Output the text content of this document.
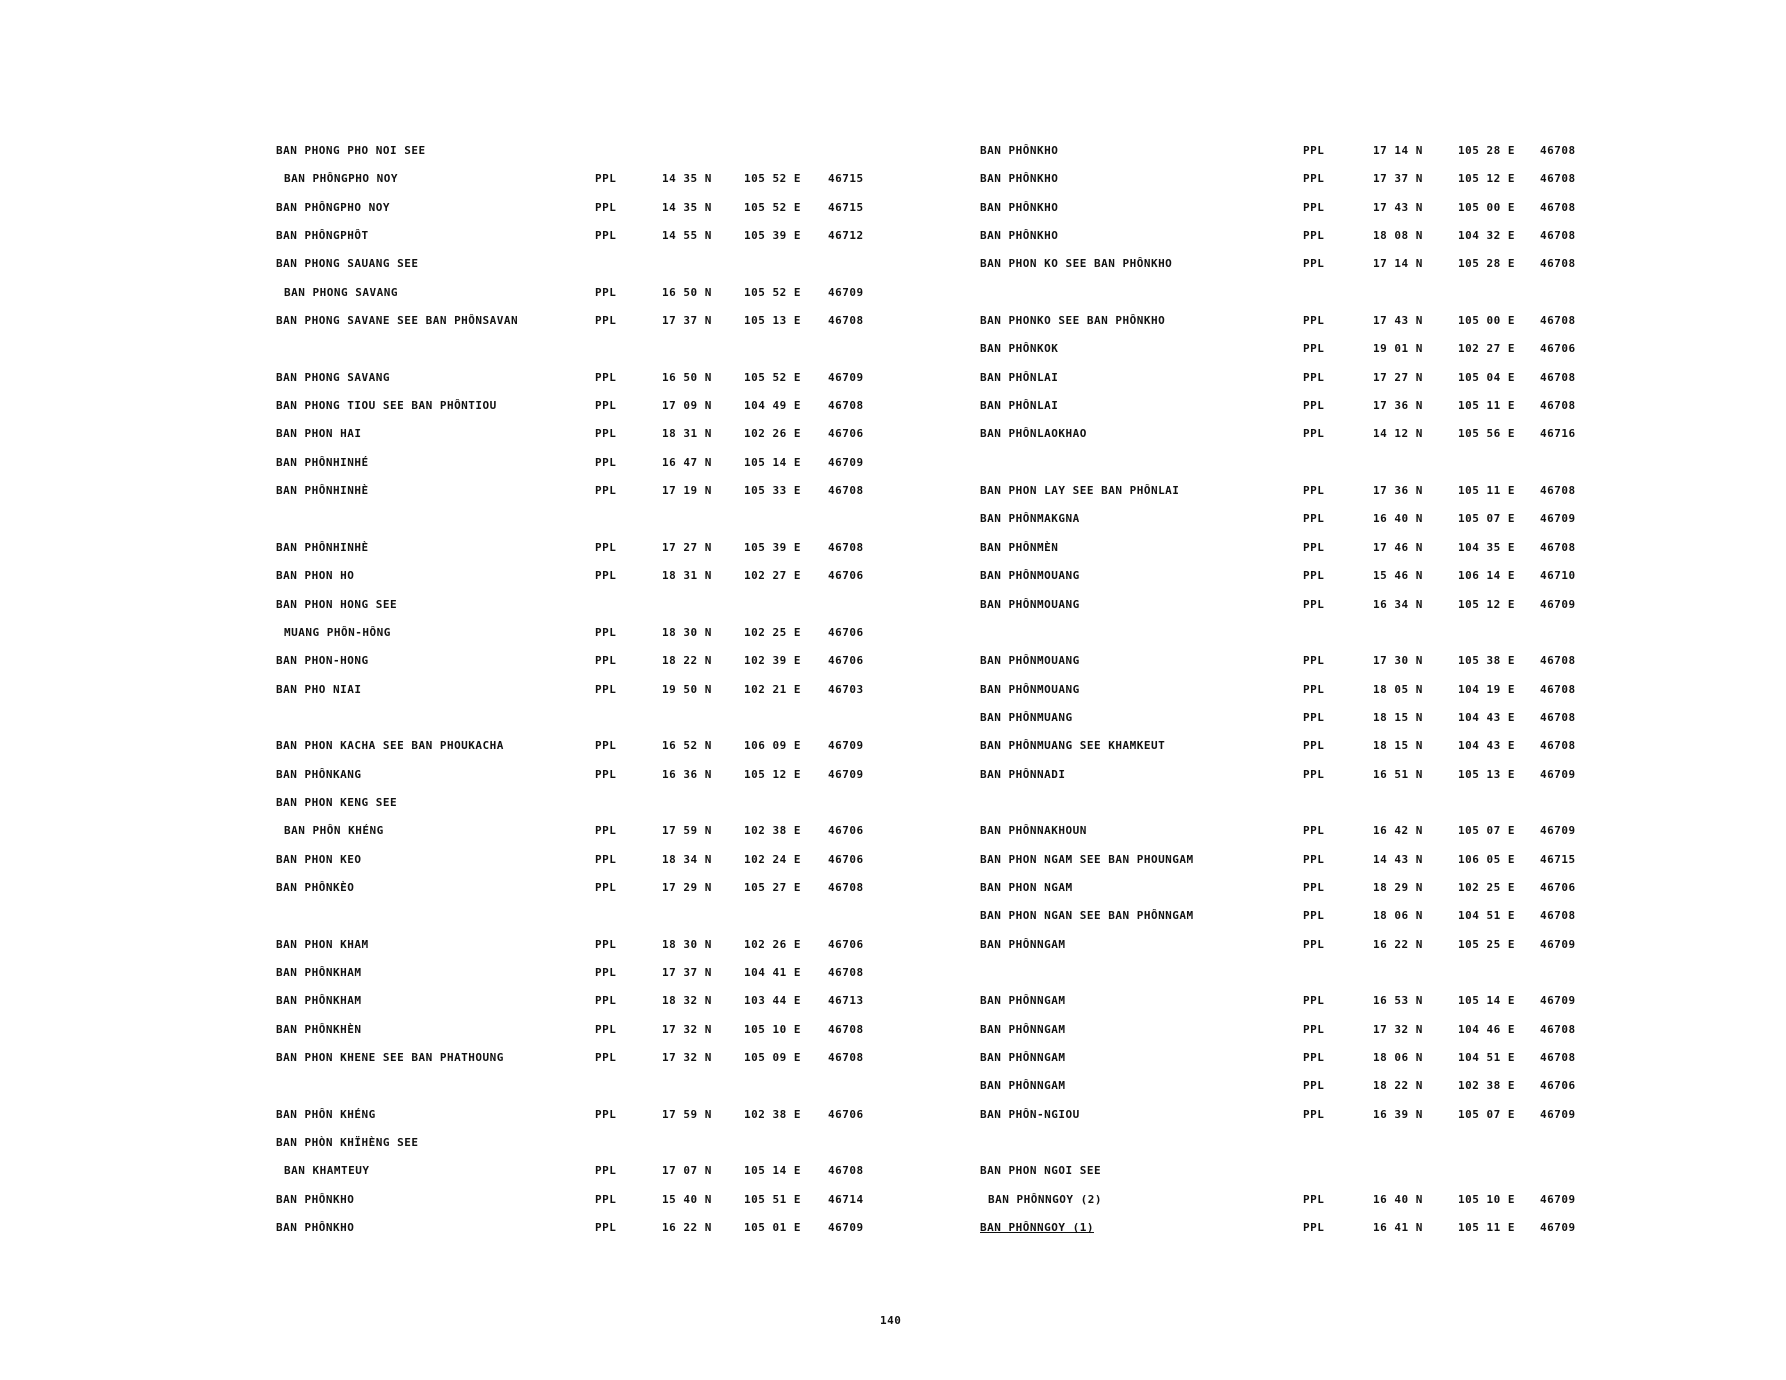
BAN PHONG PHO NOI SEE
BAN PHÔNGPHO NOY	PPL	14 35 N	105 52 E 46715
BAN PHÔNGPHO NOY	PPL	14 35 N	105 52 E 46715
BAN PHÔNGPHÔT	PPL	14 55 N	105 39 E 46712
BAN PHONG SAUANG SEE
BAN PHONG SAVANG	PPL	16 50 N	105 52 E 46709
BAN PHONG SAVANE SEE BAN PHÔNSAVAN	PPL	17 37 N	105 13 E 46708
BAN PHONG SAVANG	PPL	16 50 N	105 52 E 46709
BAN PHONG TIOU SEE BAN PHÔNTIOU	PPL	17 09 N	104 49 E 46708
BAN PHON HAI	PPL	18 31 N	102 26 E 46706
BAN PHÔNHINHÉ	PPL	16 47 N	105 14 E 46709
BAN PHÔNHINHÈ	PPL	17 19 N	105 33 E 46708
BAN PHÔNHINHÈ	PPL	17 27 N	105 39 E 46708
BAN PHON HO	PPL	18 31 N	102 27 E 46706
BAN PHON HONG SEE
MUANG PHÔN-HÔNG	PPL	18 30 N	102 25 E 46706
BAN PHON-HONG	PPL	18 22 N	102 39 E 46706
BAN PHO NIAI	PPL	19 50 N	102 21 E 46703
BAN PHON KACHA SEE BAN PHOUKACHA	PPL	16 52 N	106 09 E 46709
BAN PHÔNKANG	PPL	16 36 N	105 12 E 46709
BAN PHON KENG SEE
BAN PHÔN KHÉNG	PPL	17 59 N	102 38 E 46706
BAN PHON KEO	PPL	18 34 N	102 24 E 46706
BAN PHÔNKÈO	PPL	17 29 N	105 27 E 46708
BAN PHON KHAM	PPL	18 30 N	102 26 E 46706
BAN PHÔNKHAM	PPL	17 37 N	104 41 E 46708
BAN PHÔNKHAM	PPL	18 32 N	103 44 E 46713
BAN PHÔNKHÈN	PPL	17 32 N	105 10 E 46708
BAN PHON KHENE SEE BAN PHATHOUNG	PPL	17 32 N	105 09 E 46708
BAN PHÔN KHÉNG	PPL	17 59 N	102 38 E 46706
BAN PHÒN KHÏHÈNG SEE
BAN KHAMTEUY	PPL	17 07 N	105 14 E 46708
BAN PHÔNKHO	PPL	15 40 N	105 51 E 46714
BAN PHÔNKHO	PPL	16 22 N	105 01 E 46709
BAN PHÔNKHO	PPL	17 14 N	105 28 E 46708
BAN PHÔNKHO	PPL	17 37 N	105 12 E 46708
BAN PHÔNKHO	PPL	17 43 N	105 00 E 46708
BAN PHÔNKHO	PPL	18 08 N	104 32 E 46708
BAN PHON KO SEE BAN PHÔNKHO	PPL	17 14 N	105 28 E 46708
BAN PHONKO SEE BAN PHÔNKHO	PPL	17 43 N	105 00 E 46708
BAN PHÔNKOK	PPL	19 01 N	102 27 E 46706
BAN PHÔNLAI	PPL	17 27 N	105 04 E 46708
BAN PHÔNLAI	PPL	17 36 N	105 11 E 46708
BAN PHÔNLAOKHAO	PPL	14 12 N	105 56 E 46716
BAN PHON LAY SEE BAN PHÔNLAI	PPL	17 36 N	105 11 E 46708
BAN PHÔNMAKGNA	PPL	16 40 N	105 07 E 46709
BAN PHÔNMÈN	PPL	17 46 N	104 35 E 46708
BAN PHÔNMOUANG	PPL	15 46 N	106 14 E 46710
BAN PHÔNMOUANG	PPL	16 34 N	105 12 E 46709
BAN PHÔNMOUANG	PPL	17 30 N	105 38 E 46708
BAN PHÔNMOUANG	PPL	18 05 N	104 19 E 46708
BAN PHÔNMUANG	PPL	18 15 N	104 43 E 46708
BAN PHÔNMUANG SEE KHAMKEUT	PPL	18 15 N	104 43 E 46708
BAN PHÔNNADI	PPL	16 51 N	105 13 E 46709
BAN PHÔNNAKHOUN	PPL	16 42 N	105 07 E 46709
BAN PHON NGAM SEE BAN PHOUNGAM	PPL	14 43 N	106 05 E 46715
BAN PHON NGAM	PPL	18 29 N	102 25 E 46706
BAN PHON NGAN SEE BAN PHÔNNGAM	PPL	18 06 N	104 51 E 46708
BAN PHÔNNGAM	PPL	16 22 N	105 25 E 46709
BAN PHÔNNGAM	PPL	16 53 N	105 14 E 46709
BAN PHÔNNGAM	PPL	17 32 N	104 46 E 46708
BAN PHÔNNGAM	PPL	18 06 N	104 51 E 46708
BAN PHÔNNGAM	PPL	18 22 N	102 38 E 46706
BAN PHÔN-NGIOU	PPL	16 39 N	105 07 E 46709
BAN PHON NGOI SEE
BAN PHÔNNGOY (2)	PPL	16 40 N	105 10 E 46709
BAN PHÔNNGOY (1)	PPL	16 41 N	105 11 E 46709
140
